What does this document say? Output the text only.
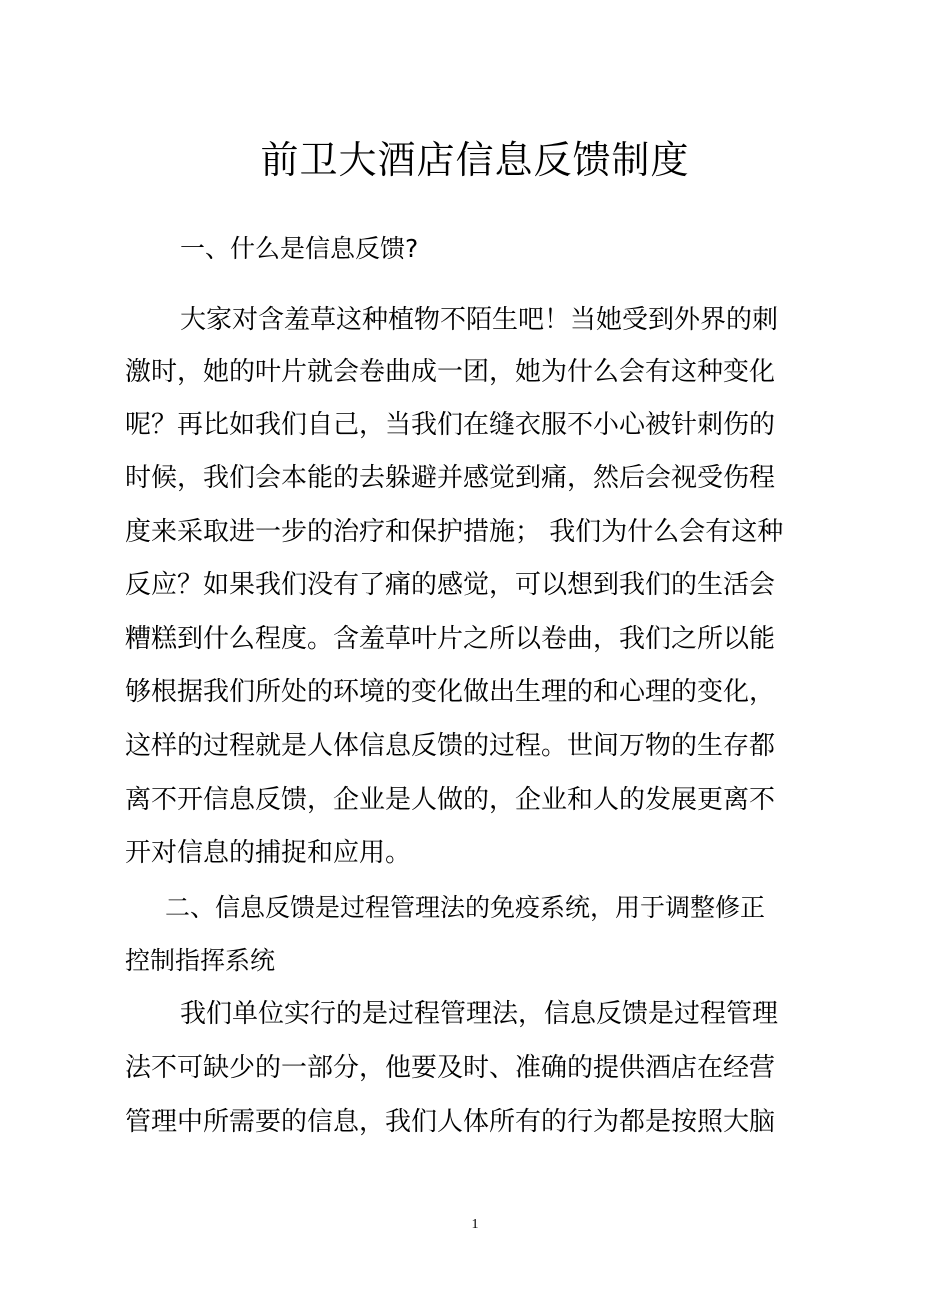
前卫大酒店信息反馈制度
一、什么是信息反馈?

大家对含羞草这种植物不陌生吧！当她受到外界的刺

激时，她的叶片就会卷曲成一团，她为什么会有这种变化

呢？再比如我们自己，当我们在缝衣服不小心被针刺伤的

时候，我们会本能的去躲避并感觉到痛，然后会视受伤程

度来采取进一步的治疗和保护措施； 我们为什么会有这种

反应？如果我们没有了痛的感觉，可以想到我们的生活会

糟糕到什么程度。含羞草叶片之所以卷曲，我们之所以能

够根据我们所处的环境的变化做出生理的和心理的变化，

这样的过程就是人体信息反馈的过程。世间万物的生存都

离不开信息反馈，企业是人做的，企业和人的发展更离不

开对信息的捕捉和应用。

二、信息反馈是过程管理法的免疫系统，用于调整修正
控制指挥系统

我们单位实行的是过程管理法，信息反馈是过程管理

法不可缺少的一部分，他要及时、准确的提供酒店在经营

管理中所需要的信息，我们人体所有的行为都是按照大脑

1
